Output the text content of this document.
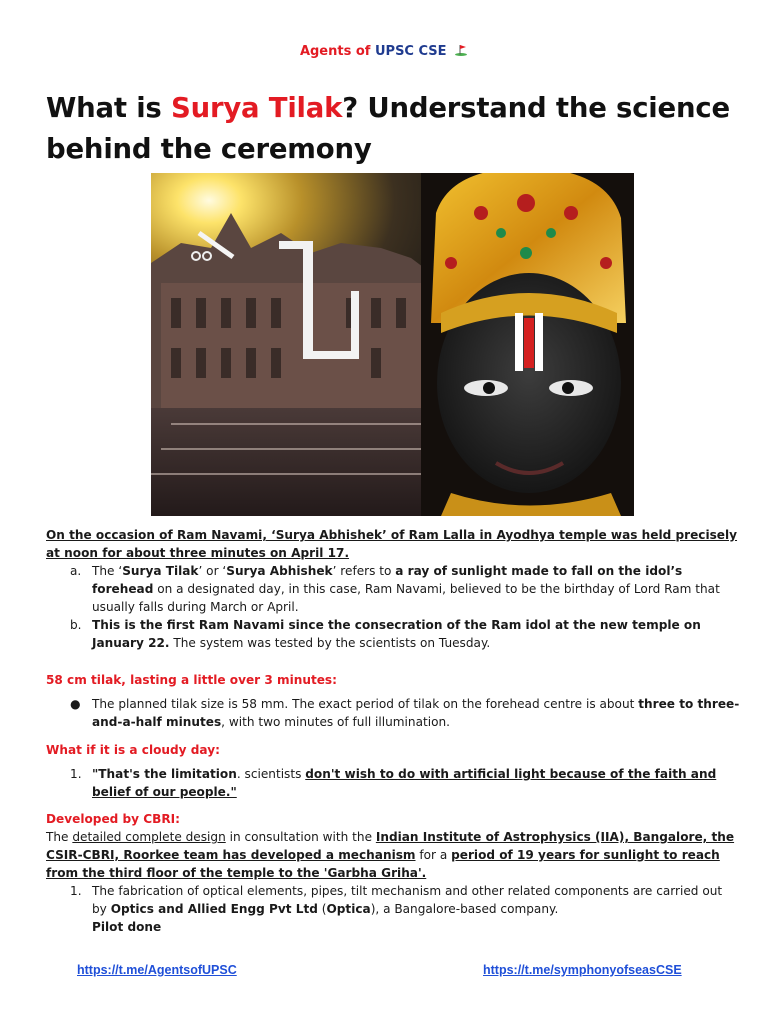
Agents of UPSC CSE
What is Surya Tilak? Understand the science behind the ceremony
On the occasion of Ram Navami, ‘Surya Abhishek’ of Ram Lalla in Ayodhya temple was held precisely at noon for about three minutes on April 17.
a. The ‘Surya Tilak’ or ‘Surya Abhishek’ refers to a ray of sunlight made to fall on the idol’s forehead on a designated day, in this case, Ram Navami, believed to be the birthday of Lord Ram that usually falls during March or April.
b. This is the first Ram Navami since the consecration of the Ram idol at the new temple on January 22. The system was tested by the scientists on Tuesday.
58 cm tilak, lasting a little over 3 minutes:
● The planned tilak size is 58 mm. The exact period of tilak on the forehead centre is about three to three-and-a-half minutes, with two minutes of full illumination.
What if it is a cloudy day:
1. "That's the limitation. scientists don't wish to do with artificial light because of the faith and belief of our people."
Developed by CBRI:
The detailed complete design in consultation with the Indian Institute of Astrophysics (IIA), Bangalore, the CSIR-CBRI, Roorkee team has developed a mechanism for a period of 19 years for sunlight to reach from the third floor of the temple to the 'Garbha Griha'.
1. The fabrication of optical elements, pipes, tilt mechanism and other related components are carried out by Optics and Allied Engg Pvt Ltd (Optica), a Bangalore-based company.
Pilot done
https://t.me/AgentsofUPSC	https://t.me/symphonyofseasCSE
